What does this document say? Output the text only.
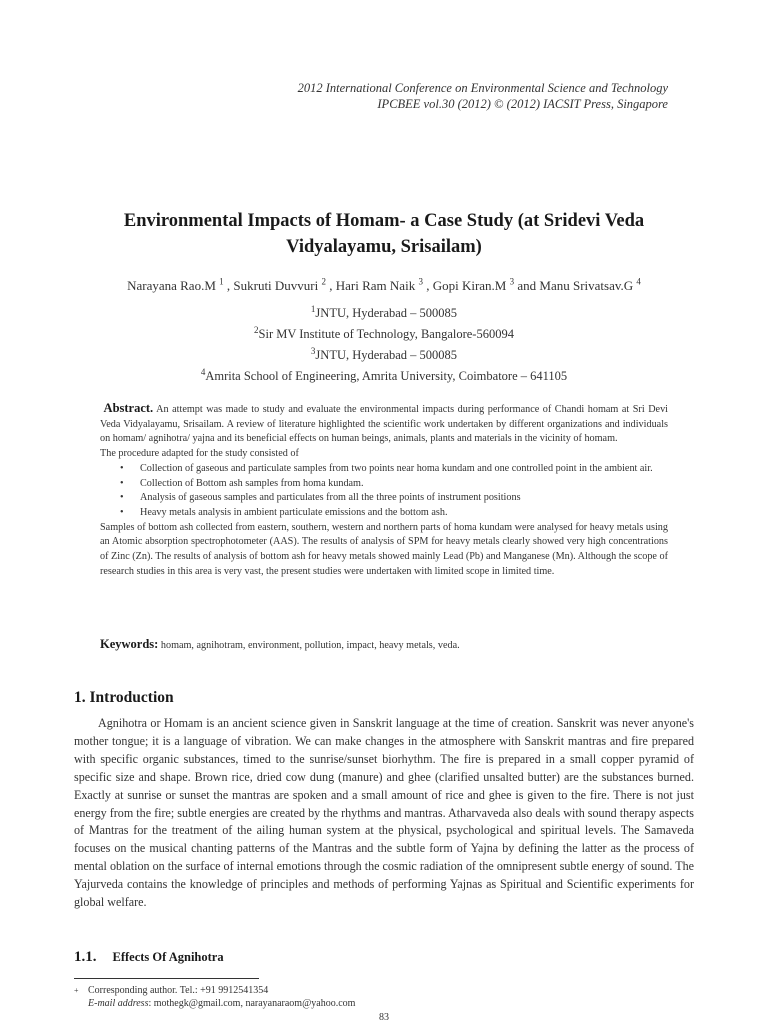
2012 International Conference on Environmental Science and Technology
IPCBEE vol.30 (2012) © (2012) IACSIT Press, Singapore
Environmental Impacts of Homam- a Case Study (at Sridevi Veda
Vidyalayamu, Srisailam)
Narayana Rao.M $^1$ , Sukruti Duvvuri $^2$ , Hari Ram Naik $^3$ , Gopi Kiran.M $^3$ and Manu Srivatsav.G $^4$
$^1$JNTU, Hyderabad – 500085
$^2$Sir MV Institute of Technology, Bangalore-560094
$^3$JNTU, Hyderabad – 500085
$^4$Amrita School of Engineering, Amrita University, Coimbatore – 641105

Abstract. An attempt was made to study and evaluate the environmental impacts during performance of Chandi homam at Sri Devi Veda Vidyalayamu, Srisailam. A review of literature highlighted the scientific work undertaken by different organizations and individuals on homam/ agnihotra/ yajna and its beneficial effects on human beings, animals, plants and materials in the vicinity of homam.

The procedure adapted for the study consisted of

• Collection of gaseous and particulate samples from two points near homa kundam and one controlled point in the ambient air.
• Collection of Bottom ash samples from homa kundam.
• Analysis of gaseous samples and particulates from all the three points of instrument positions
• Heavy metals analysis in ambient particulate emissions and the bottom ash.

Samples of bottom ash collected from eastern, southern, western and northern parts of homa kundam were analysed for heavy metals using an Atomic absorption spectrophotometer (AAS). The results of analysis of SPM for heavy metals clearly showed very high concentrations of Zinc (Zn). The results of analysis of bottom ash for heavy metals showed mainly Lead (Pb) and Manganese (Mn). Although the scope of research studies in this area is very vast, the present studies were undertaken with limited scope in limited time.

Keywords: homam, agnihotram, environment, pollution, impact, heavy metals, veda.
1. Introduction

Agnihotra or Homam is an ancient science given in Sanskrit language at the time of creation. Sanskrit was never anyone's mother tongue; it is a language of vibration. We can make changes in the atmosphere with Sanskrit mantras and fire prepared with specific organic substances, timed to the sunrise/sunset biorhythm. The fire is prepared in a small copper pyramid of specific size and shape. Brown rice, dried cow dung (manure) and ghee (clarified unsalted butter) are the substances burned. Exactly at sunrise or sunset the mantras are spoken and a small amount of rice and ghee is given to the fire. There is not just energy from the fire; subtle energies are created by the rhythms and mantras. Atharvaveda also deals with sound therapy aspects of Mantras for the treatment of the ailing human system at the physical, psychological and spiritual levels. The Samaveda focuses on the musical chanting patterns of the Mantras and the subtle form of Yajna by defining the latter as the process of mental oblation on the surface of internal emotions through the cosmic radiation of the omnipresent subtle energy of sound. The Yajurveda contains the knowledge of principles and methods of performing Yajnas as Spiritual and Scientific experiments for global welfare.

1.1. Effects Of Agnihotra
+ Corresponding author. Tel.: +91 9912541354
E-mail address: mothegk@gmail.com, narayanaraom@yahoo.com
83
